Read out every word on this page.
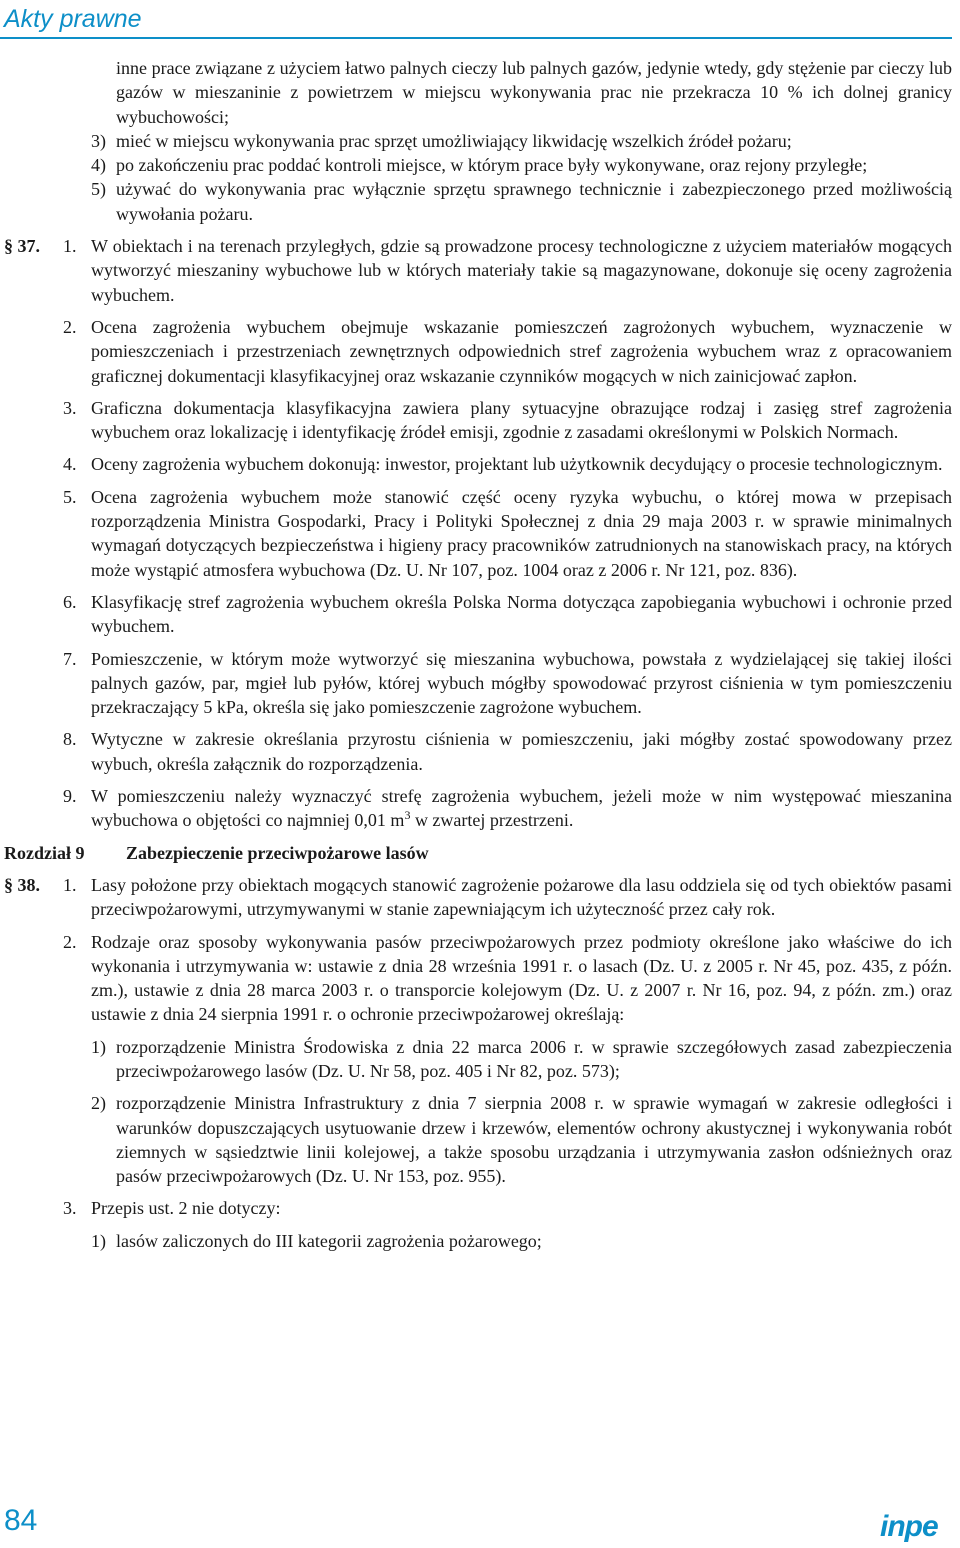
Akty prawne

inne prace związane z użyciem łatwo palnych cieczy lub palnych gazów, jedynie wtedy, gdy stężenie par cieczy lub gazów w mieszaninie z powietrzem w miejscu wykonywania prac nie przekracza 10 % ich dolnej granicy wybuchowości;

3) mieć w miejscu wykonywania prac sprzęt umożliwiający likwidację wszelkich źródeł pożaru;

4) po zakończeniu prac poddać kontroli miejsce, w którym prace były wykonywane, oraz rejony przyległe;

5) używać do wykonywania prac wyłącznie sprzętu sprawnego technicznie i zabezpieczonego przed możliwością wywołania pożaru.

§ 37. 1. W obiektach i na terenach przyległych, gdzie są prowadzone procesy technologiczne z użyciem materiałów mogących wytworzyć mieszaniny wybuchowe lub w których materiały takie są magazynowane, dokonuje się oceny zagrożenia wybuchem.

2. Ocena zagrożenia wybuchem obejmuje wskazanie pomieszczeń zagrożonych wybuchem, wyznaczenie w pomieszczeniach i przestrzeniach zewnętrznych odpowiednich stref zagrożenia wybuchem wraz z opracowaniem graficznej dokumentacji klasyfikacyjnej oraz wskazanie czynników mogących w nich zainicjować zapłon.

3. Graficzna dokumentacja klasyfikacyjna zawiera plany sytuacyjne obrazujące rodzaj i zasięg stref zagrożenia wybuchem oraz lokalizację i identyfikację źródeł emisji, zgodnie z zasadami określonymi w Polskich Normach.

4. Oceny zagrożenia wybuchem dokonują: inwestor, projektant lub użytkownik decydujący o procesie technologicznym.

5. Ocena zagrożenia wybuchem może stanowić część oceny ryzyka wybuchu, o której mowa w przepisach rozporządzenia Ministra Gospodarki, Pracy i Polityki Społecznej z dnia 29 maja 2003 r. w sprawie minimalnych wymagań dotyczących bezpieczeństwa i higieny pracy pracowników zatrudnionych na stanowiskach pracy, na których może wystąpić atmosfera wybuchowa (Dz. U. Nr 107, poz. 1004 oraz z 2006 r. Nr 121, poz. 836).

6. Klasyfikację stref zagrożenia wybuchem określa Polska Norma dotycząca zapobiegania wybuchowi i ochronie przed wybuchem.

7. Pomieszczenie, w którym może wytworzyć się mieszanina wybuchowa, powstała z wydzielającej się takiej ilości palnych gazów, par, mgieł lub pyłów, której wybuch mógłby spowodować przyrost ciśnienia w tym pomieszczeniu przekraczający 5 kPa, określa się jako pomieszczenie zagrożone wybuchem.

8. Wytyczne w zakresie określania przyrostu ciśnienia w pomieszczeniu, jaki mógłby zostać spowodowany przez wybuch, określa załącznik do rozporządzenia.

9. W pomieszczeniu należy wyznaczyć strefę zagrożenia wybuchem, jeżeli może w nim występować mieszanina wybuchowa o objętości co najmniej 0,01 $m^3$ w zwartej przestrzeni.

Rozdział 9 Zabezpieczenie przeciwpożarowe lasów

§ 38. 1. Lasy położone przy obiektach mogących stanowić zagrożenie pożarowe dla lasu oddziela się od tych obiektów pasami przeciwpożarowymi, utrzymywanymi w stanie zapewniającym ich użyteczność przez cały rok.

2. Rodzaje oraz sposoby wykonywania pasów przeciwpożarowych przez podmioty określone jako właściwe do ich wykonania i utrzymywania w: ustawie z dnia 28 września 1991 r. o lasach (Dz. U. z 2005 r. Nr 45, poz. 435, z późn. zm.), ustawie z dnia 28 marca 2003 r. o transporcie kolejowym (Dz. U. z 2007 r. Nr 16, poz. 94, z późn. zm.) oraz ustawie z dnia 24 sierpnia 1991 r. o ochronie przeciwpożarowej określają:

1) rozporządzenie Ministra Środowiska z dnia 22 marca 2006 r. w sprawie szczegółowych zasad zabezpieczenia przeciwpożarowego lasów (Dz. U. Nr 58, poz. 405 i Nr 82, poz. 573);

2) rozporządzenie Ministra Infrastruktury z dnia 7 sierpnia 2008 r. w sprawie wymagań w zakresie odległości i warunków dopuszczających usytuowanie drzew i krzewów, elementów ochrony akustycznej i wykonywania robót ziemnych w sąsiedztwie linii kolejowej, a także sposobu urządzania i utrzymywania zasłon odśnieżnych oraz pasów przeciwpożarowych (Dz. U. Nr 153, poz. 955).

3. Przepis ust. 2 nie dotyczy:

1) lasów zaliczonych do III kategorii zagrożenia pożarowego;

84	inpe
